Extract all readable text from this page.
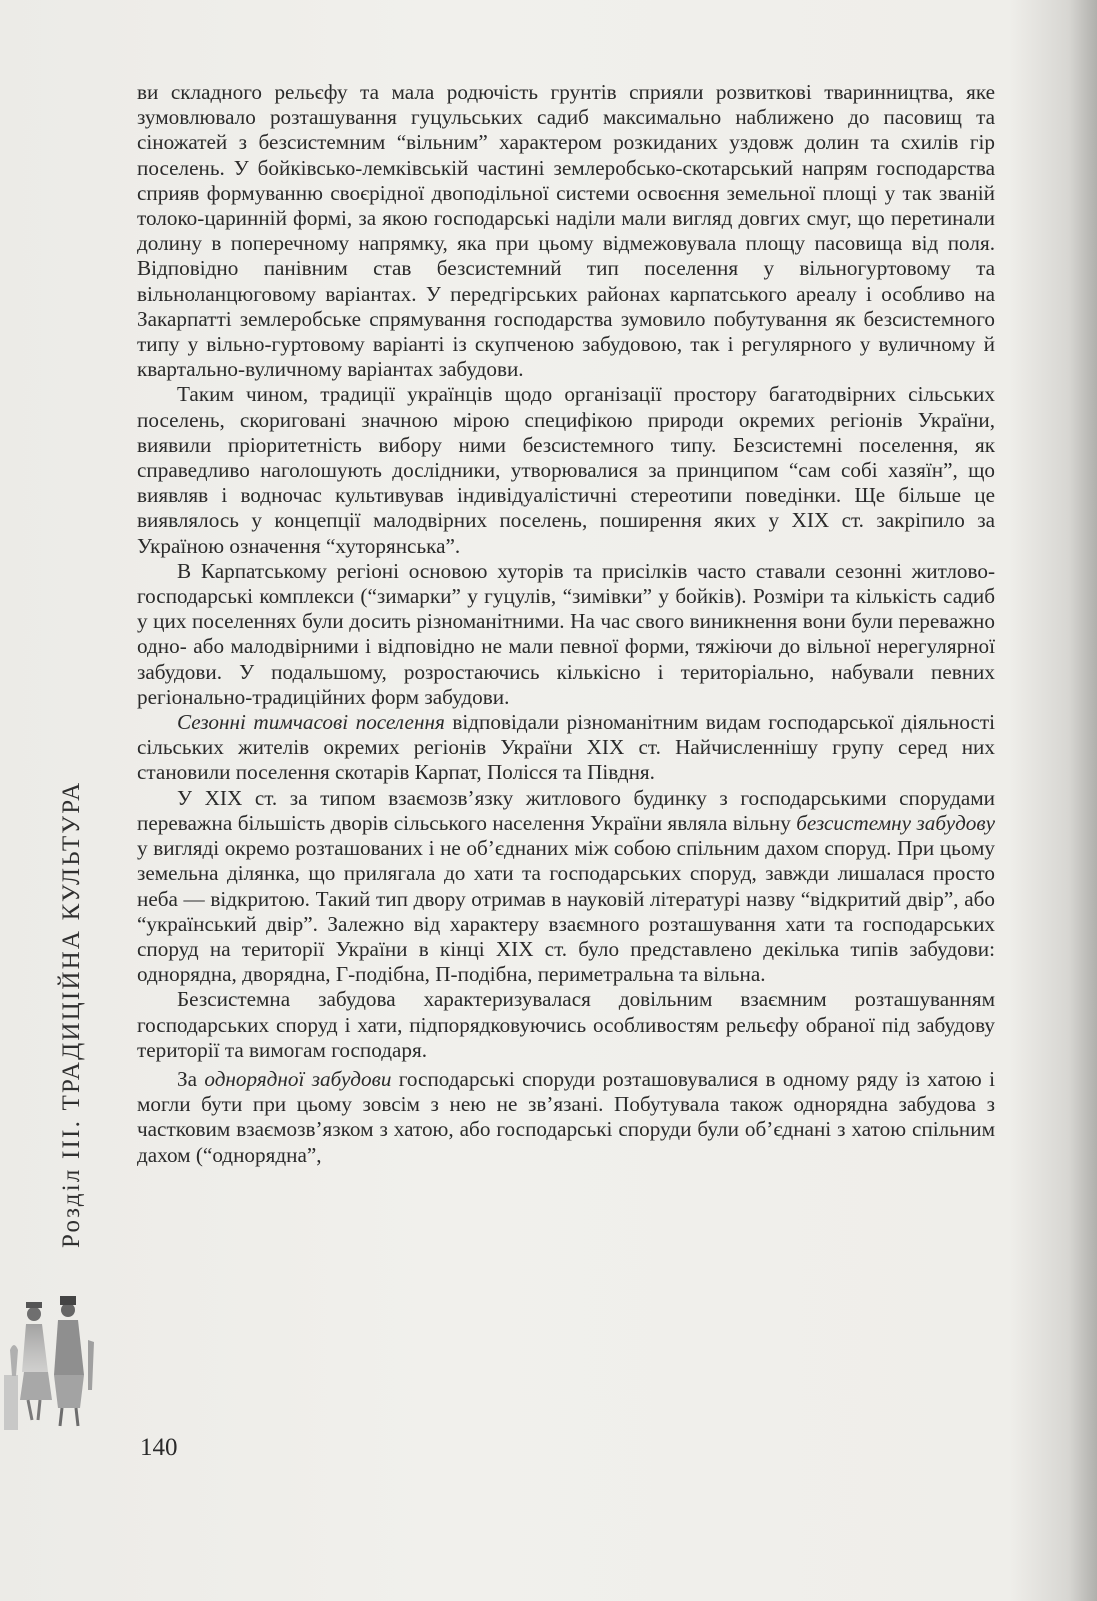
ви складного рельєфу та мала родючість грунтів сприяли розвиткові тваринництва, яке зумовлювало розташування гуцульських садиб максимально наближено до пасовищ та сіножатей з безсистемним “вільним” характером розкиданих уздовж долин та схилів гір поселень. У бойківсько-лемківській частині землеробсько-скотарський напрям господарства сприяв формуванню своєрідної двоподільної системи освоєння земельної площі у так званій толоко-царинній формі, за якою господарські наділи мали вигляд довгих смуг, що перетинали долину в поперечному напрямку, яка при цьому відмежовувала площу пасовища від поля. Відповідно панівним став безсистемний тип поселення у вільногуртовому та вільноланцюговому варіантах. У передгірських районах карпатського ареалу і особливо на Закарпатті землеробське спрямування господарства зумовило побутування як безсистемного типу у вільно-гуртовому варіанті із скупченою забудовою, так і регулярного у вуличному й квартально-вуличному варіантах забудови.

Таким чином, традиції українців щодо організації простору багатодвірних сільських поселень, скориговані значною мірою специфікою природи окремих регіонів України, виявили пріоритетність вибору ними безсистемного типу. Безсистемні поселення, як справедливо наголошують дослідники, утворювалися за принципом “сам собі хазяїн”, що виявляв і водночас культивував індивідуалістичні стереотипи поведінки. Ще більше це виявлялось у концепції малодвірних поселень, поширення яких у XIX ст. закріпило за Україною означення “хуторянська”.

В Карпатському регіоні основою хуторів та присілків часто ставали сезонні житлово-господарські комплекси (“зимарки” у гуцулів, “зимівки” у бойків). Розміри та кількість садиб у цих поселеннях були досить різноманітними. На час свого виникнення вони були переважно одно- або малодвірними і відповідно не мали певної форми, тяжіючи до вільної нерегулярної забудови. У подальшому, розростаючись кількісно і територіально, набували певних регіонально-традиційних форм забудови.

Сезонні тимчасові поселення відповідали різноманітним видам господарської діяльності сільських жителів окремих регіонів України XIX ст. Найчисленнішу групу серед них становили поселення скотарів Карпат, Полісся та Півдня.

У XIX ст. за типом взаємозв’язку житлового будинку з господарськими спорудами переважна більшість дворів сільського населення України являла вільну безсистемну забудову у вигляді окремо розташованих і не об’єднаних між собою спільним дахом споруд. При цьому земельна ділянка, що прилягала до хати та господарських споруд, завжди лишалася просто неба — відкритою. Такий тип двору отримав в науковій літературі назву “відкритий двір”, або “український двір”. Залежно від характеру взаємного розташування хати та господарських споруд на території України в кінці XIX ст. було представлено декілька типів забудови: однорядна, дворядна, Г-подібна, П-подібна, периметральна та вільна.

Безсистемна забудова характеризувалася довільним взаємним розташуванням господарських споруд і хати, підпорядковуючись особливостям рельєфу обраної під забудову території та вимогам господаря.

За однорядної забудови господарські споруди розташовувалися в одному ряду із хатою і могли бути при цьому зовсім з нею не зв’язані. Побутувала також однорядна забудова з частковим взаємозв’язком з хатою, або господарські споруди були об’єднані з хатою спільним дахом (“однорядна”,

Розділ III. ТРАДИЦІЙНА КУЛЬТУРА
140
